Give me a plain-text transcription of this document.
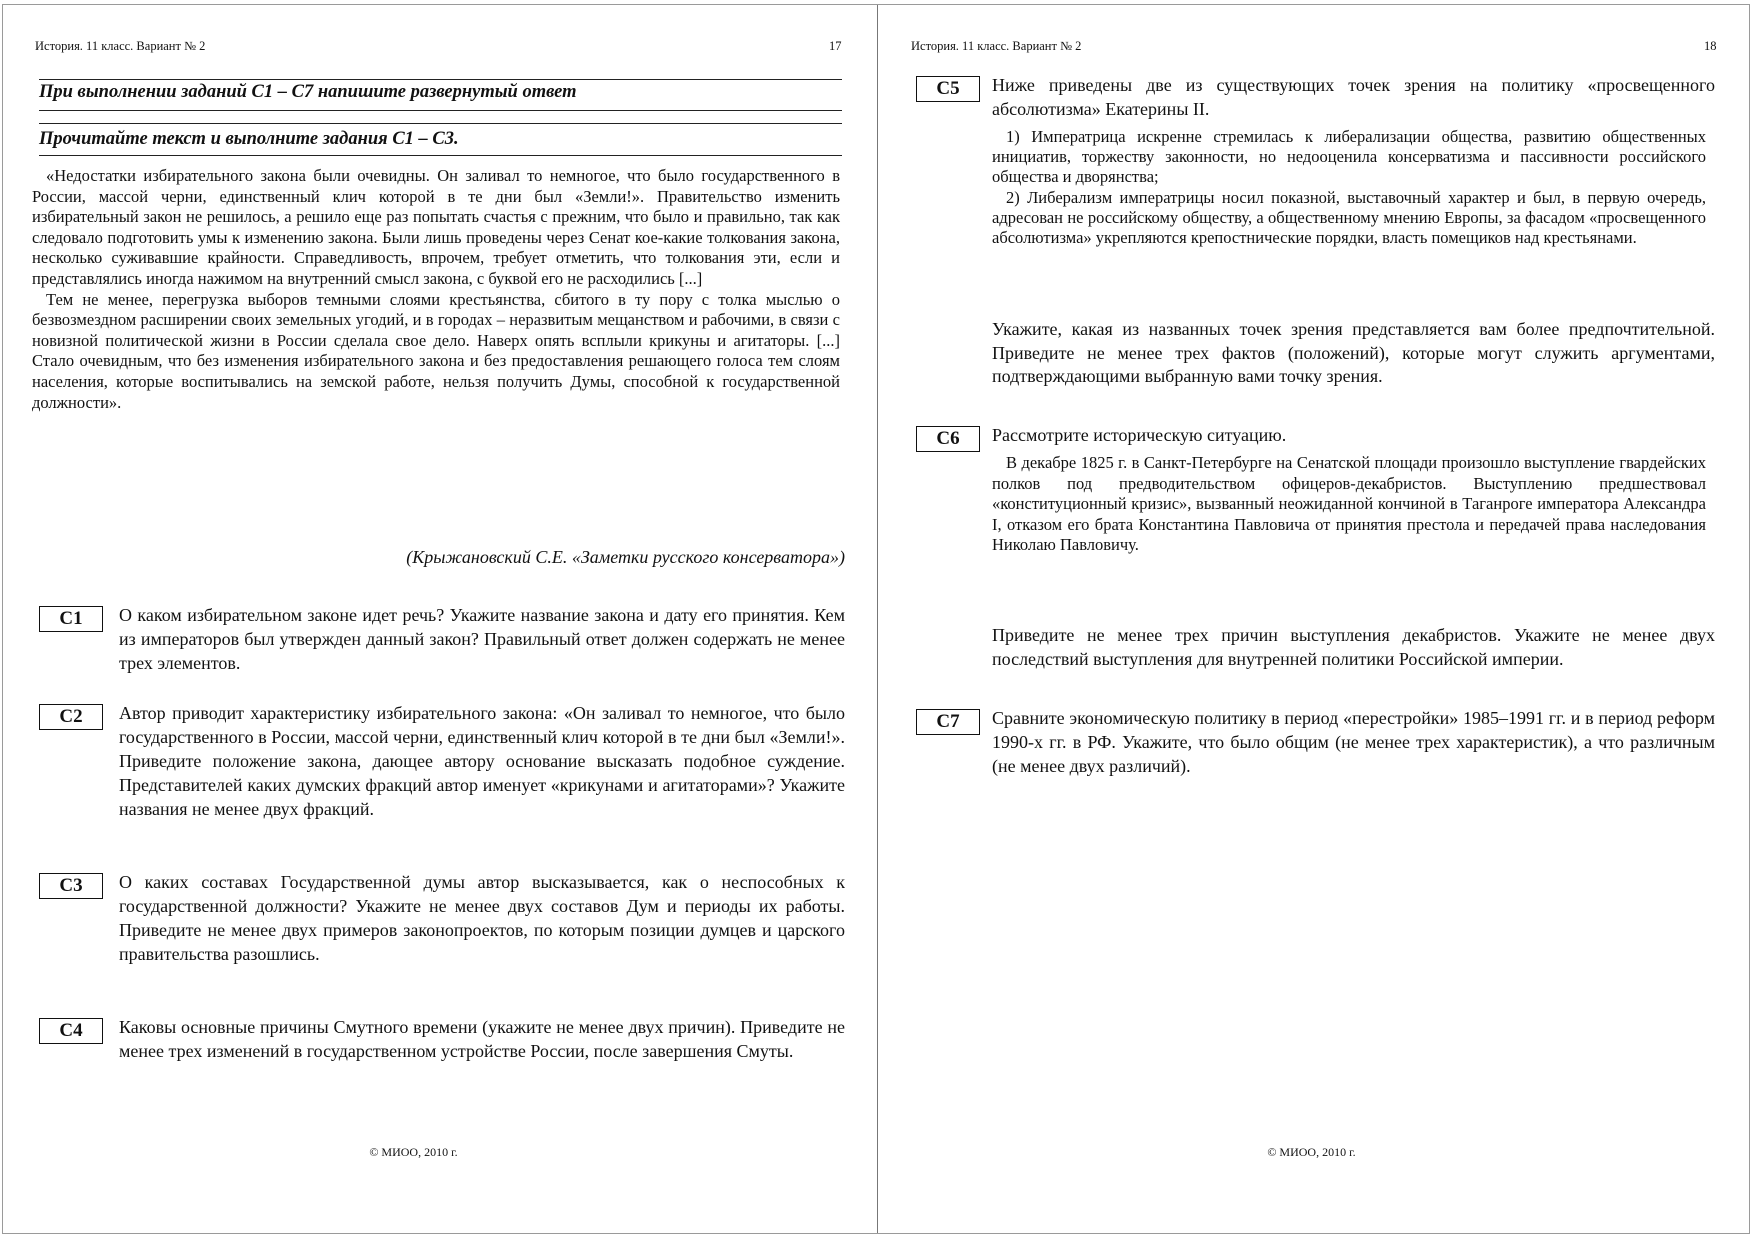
История. 11 класс. Вариант № 2	17
При выполнении заданий С1 – С7 напишите развернутый ответ
Прочитайте текст и выполните задания С1 – С3.

«Недостатки избирательного закона были очевидны. Он заливал то немногое, что было государственного в России, массой черни, единственный клич которой в те дни был «Земли!». Правительство изменить избирательный закон не решилось, а решило еще раз попытать счастья с прежним, что было и правильно, так как следовало подготовить умы к изменению закона. Были лишь проведены через Сенат кое-какие толкования закона, несколько суживавшие крайности. Справедливость, впрочем, требует отметить, что толкования эти, если и представлялись иногда нажимом на внутренний смысл закона, с буквой его не расходились [...]

Тем не менее, перегрузка выборов темными слоями крестьянства, сбитого в ту пору с толка мыслью о безвозмездном расширении своих земельных угодий, и в городах – неразвитым мещанством и рабочими, в связи с новизной политической жизни в России сделала свое дело. Наверх опять всплыли крикуны и агитаторы. [...] Стало очевидным, что без изменения избирательного закона и без предоставления решающего голоса тем слоям населения, которые воспитывались на земской работе, нельзя получить Думы, способной к государственной должности».

(Крыжановский С.Е. «Заметки русского консерватора»)
С1	О каком избирательном законе идет речь? Укажите название закона и дату его принятия. Кем из императоров был утвержден данный закон? Правильный ответ должен содержать не менее трех элементов.
С2	Автор приводит характеристику избирательного закона: «Он заливал то немногое, что было государственного в России, массой черни, единственный клич которой в те дни был «Земли!». Приведите положение закона, дающее автору основание высказать подобное суждение. Представителей каких думских фракций автор именует «крикунами и агитаторами»? Укажите названия не менее двух фракций.
С3	О каких составах Государственной думы автор высказывается, как о неспособных к государственной должности? Укажите не менее двух составов Дум и периоды их работы. Приведите не менее двух примеров законопроектов, по которым позиции думцев и царского правительства разошлись.
С4	Каковы основные причины Смутного времени (укажите не менее двух причин). Приведите не менее трех изменений в государственном устройстве России, после завершения Смуты.
© МИОО, 2010 г.
История. 11 класс. Вариант № 2	18
С5	Ниже приведены две из существующих точек зрения на политику «просвещенного абсолютизма» Екатерины II.

1) Императрица искренне стремилась к либерализации общества, развитию общественных инициатив, торжеству законности, но недооценила консерватизма и пассивности российского общества и дворянства;

2) Либерализм императрицы носил показной, выставочный характер и был, в первую очередь, адресован не российскому обществу, а общественному мнению Европы, за фасадом «просвещенного абсолютизма» укрепляются крепостнические порядки, власть помещиков над крестьянами.

Укажите, какая из названных точек зрения представляется вам более предпочтительной. Приведите не менее трех фактов (положений), которые могут служить аргументами, подтверждающими выбранную вами точку зрения.
С6	Рассмотрите историческую ситуацию.

В декабре 1825 г. в Санкт-Петербурге на Сенатской площади произошло выступление гвардейских полков под предводительством офицеров-декабристов. Выступлению предшествовал «конституционный кризис», вызванный неожиданной кончиной в Таганроге императора Александра I, отказом его брата Константина Павловича от принятия престола и передачей права наследования Николаю Павловичу.

Приведите не менее трех причин выступления декабристов. Укажите не менее двух последствий выступления для внутренней политики Российской империи.
С7	Сравните экономическую политику в период «перестройки» 1985–1991 гг. и в период реформ 1990-х гг. в РФ. Укажите, что было общим (не менее трех характеристик), а что различным (не менее двух различий).
© МИОО, 2010 г.
